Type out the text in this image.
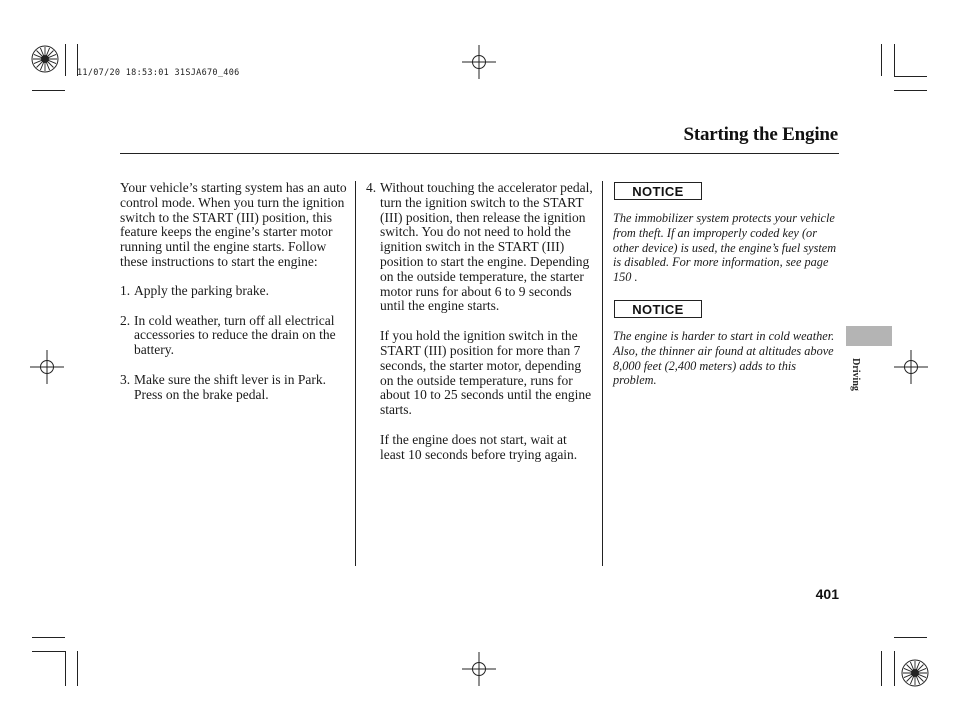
11/07/20 18:53:01 31SJA670_406
Starting the Engine

Your vehicle’s starting system has an auto control mode. When you turn the ignition switch to the START (III) position, this feature keeps the engine’s starter motor running until the engine starts. Follow these instructions to start the engine:

1. Apply the parking brake.
2. In cold weather, turn off all electrical accessories to reduce the drain on the battery.
3. Make sure the shift lever is in Park. Press on the brake pedal.
4. Without touching the accelerator pedal, turn the ignition switch to the START (III) position, then release the ignition switch. You do not need to hold the ignition switch in the START (III) position to start the engine. Depending on the outside temperature, the starter motor runs for about 6 to 9 seconds until the engine starts.

If you hold the ignition switch in the START (III) position for more than 7 seconds, the starter motor, depending on the outside temperature, runs for about 10 to 25 seconds until the engine starts.

If the engine does not start, wait at least 10 seconds before trying again.

NOTICE
The immobilizer system protects your vehicle from theft. If an improperly coded key (or other device) is used, the engine’s fuel system is disabled. For more information, see page 150 .
NOTICE
The engine is harder to start in cold weather. Also, the thinner air found at altitudes above 8,000 feet (2,400 meters) adds to this problem.	Driving
401
